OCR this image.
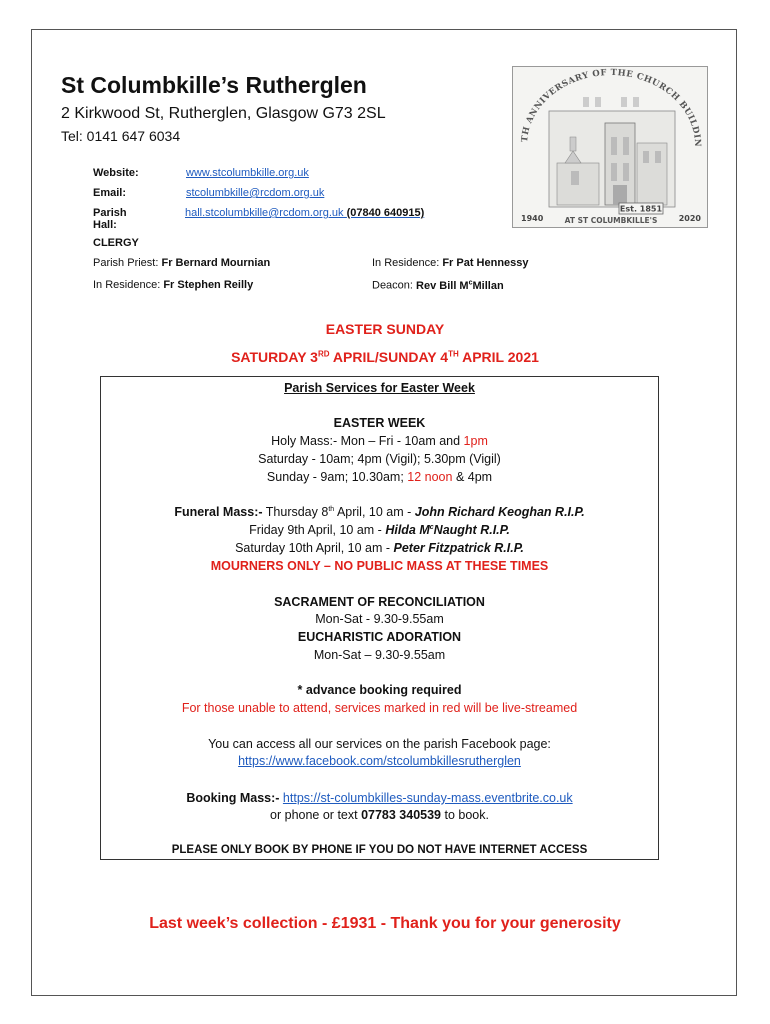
St Columbkille’s Rutherglen
2 Kirkwood St, Rutherglen, Glasgow G73 2SL
Tel: 0141 647 6034
Website:	www.stcolumbkille.org.uk
Email:	stcolumbkille@rcdom.org.uk
Parish Hall:
hall.stcolumbkille@rcdom.org.uk (07840 640915)
TH ANNIVERSARY OF THE CHURCH BUILDIN
Est. 1851
AT ST COLUMBKILLE'S
1940	2020
CLERGY
Parish Priest: Fr Bernard Mournian	In Residence: Fr Pat Hennessy
In Residence: Fr Stephen Reilly	Deacon: Rev Bill $M^cMillan$
EASTER SUNDAY
SATURDAY 3RD APRIL/SUNDAY 4TH APRIL 2021
Parish Services for Easter Week
EASTER WEEK
Holy Mass:- Mon – Fri - 10am and 1pm
Saturday - 10am; 4pm (Vigil); 5.30pm (Vigil)
Sunday - 9am; 10.30am; 12 noon & 4pm
Funeral Mass:- Thursday 8th April, 10 am - John Richard Keoghan R.I.P.
Friday 9th April, 10 am - Hilda $M^cNaught$ R.I.P.
Saturday 10th April, 10 am - Peter Fitzpatrick R.I.P.
MOURNERS ONLY – NO PUBLIC MASS AT THESE TIMES
SACRAMENT OF RECONCILIATION
Mon-Sat - 9.30-9.55am
EUCHARISTIC ADORATION
Mon-Sat – 9.30-9.55am
* advance booking required
For those unable to attend, services marked in red will be live-streamed
You can access all our services on the parish Facebook page:
https://www.facebook.com/stcolumbkillesrutherglen
Booking Mass:- https://st-columbkilles-sunday-mass.eventbrite.co.uk
or phone or text 07783 340539 to book.
PLEASE ONLY BOOK BY PHONE IF YOU DO NOT HAVE INTERNET ACCESS
Last week’s collection - £1931 - Thank you for your generosity
